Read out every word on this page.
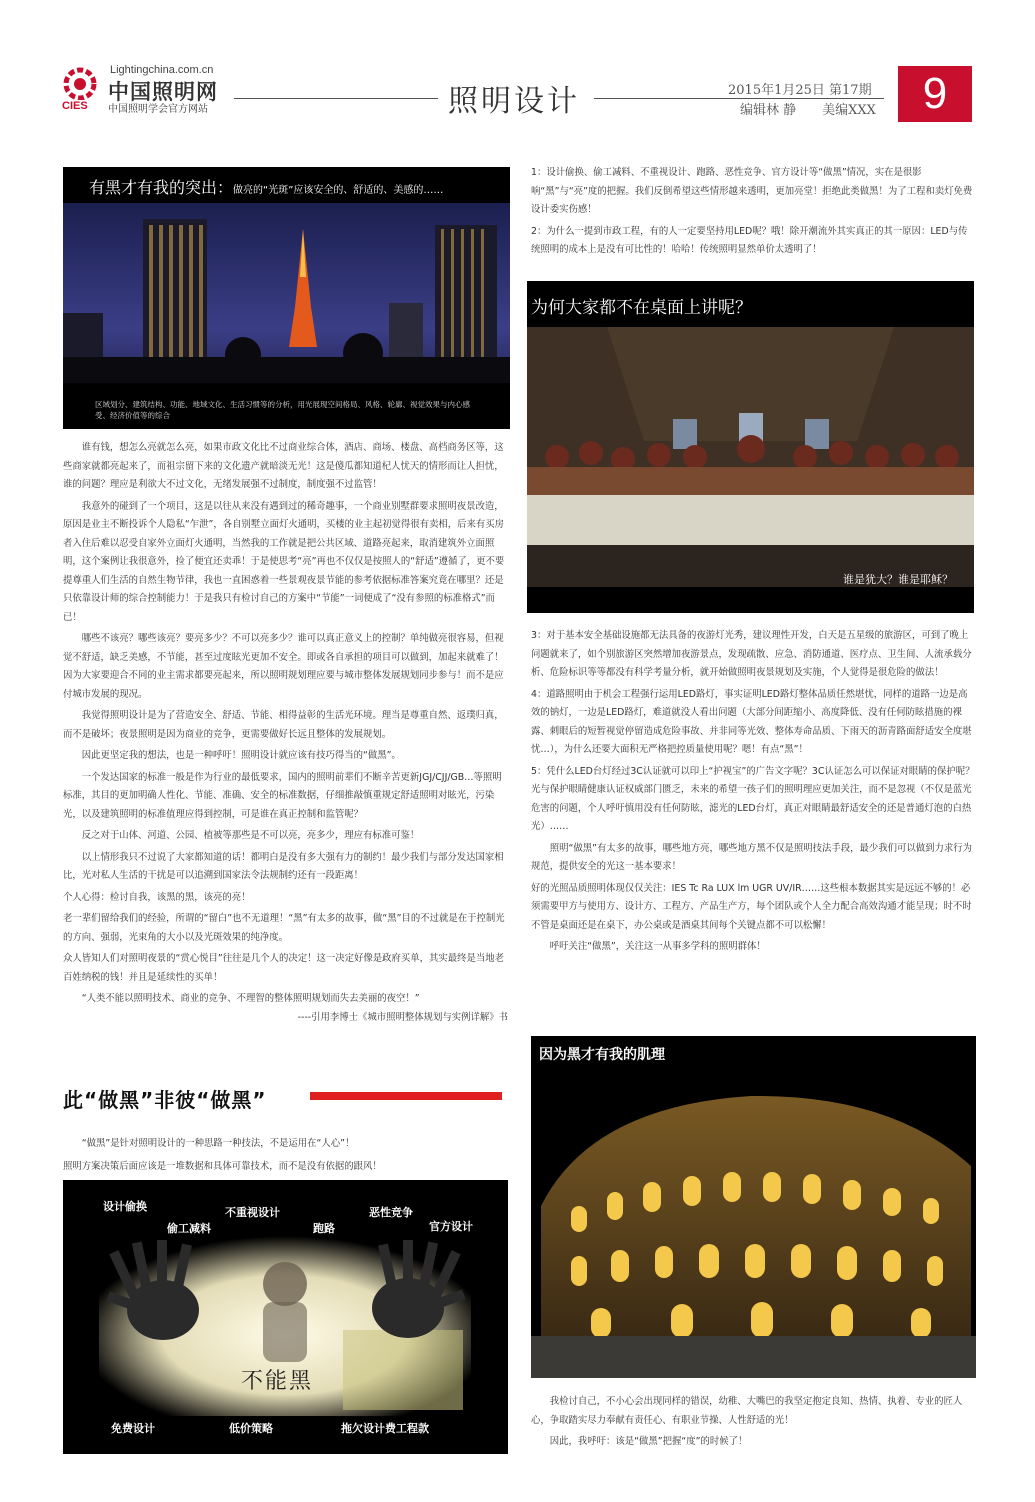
Lightingchina.com.cn
中国照明网
CIES 中国照明学会官方网站	照明设计	2015年1月25日 第17期
编辑林 静　　美编XXX	9
有黑才有我的突出：做亮的“光斑”应该安全的、舒适的、美感的……
区域划分、建筑结构、功能、地域文化、生活习惯等的分析，用光展现空间格局、风格、轮廓、视觉效果与内心感受、经济价值等的综合

谁有钱，想怎么亮就怎么亮，如果市政文化比不过商业综合体，酒店、商场、楼盘、高档商务区等，这些商家就都亮起来了，而祖宗留下来的文化遗产就暗淡无光！这是傻瓜都知道杞人忧天的情形而让人担忧，谁的问题？理应是利欲大不过文化，无绪发展强不过制度，制度强不过监管！

我意外的碰到了一个项目，这是以往从来没有遇到过的稀奇趣事，一个商业别墅群要求照明夜景改造，原因是业主不断投诉个人隐私“乍泄”，各自别墅立面灯火通明，买楼的业主起初觉得很有卖相，后来有买房者入住后难以忍受自家外立面灯火通明，当然我的工作就是把公共区域、道路亮起来，取消建筑外立面照明，这个案例让我很意外，捡了便宜还卖乖！于是使思考“亮”再也不仅仅是按照人的“舒适”遵循了，更不要提尊重人们生活的自然生物节律，我也一直困惑着一些景观夜景节能的参考依据标准答案究竟在哪里？还是只依靠设计师的综合控制能力！于是我只有检讨自己的方案中“节能”一词便成了“没有参照的标准格式”而已！

哪些不该亮？哪些该亮？要亮多少？不可以亮多少？谁可以真正意义上的控制？单纯做亮很容易，但视觉不舒适，缺乏美感，不节能，甚至过度眩光更加不安全。即或各自承担的项目可以做到，加起来就难了！因为大家要迎合不同的业主需求都要亮起来，所以照明规划理应要与城市整体发展规划同步参与！而不是应付城市发展的现况。

我觉得照明设计是为了营造安全、舒适、节能、相得益彰的生活光环境。理当是尊重自然、返璞归真，而不是破坏；夜景照明是因为商业的竞争，更需要做好长远且整体的发展规划。

因此更坚定我的想法，也是一种呼吁！照明设计就应该有技巧得当的“做黑”。

一个发达国家的标准一般是作为行业的最低要求，国内的照明前辈们不断辛苦更新JGJ/CJJ/GB…等照明标准，其目的更加明确人性化、节能、准确、安全的标准数据，仔细推敲慎重规定舒适照明对眩光，污染光，以及建筑照明的标准值理应得到控制，可是谁在真正控制和监管呢？

反之对于山体、河道、公园、植被等那些是不可以亮，亮多少，理应有标准可鉴！

以上情形我只不过说了大家都知道的话！都明白是没有多大强有力的制约！最少我们与部分发达国家相比，光对私人生活的干扰是可以追溯到国家法令法规制约还有一段距离！

个人心得：检讨自我，该黑的黑，该亮的亮！

老一辈们留给我们的经验，所谓的“留白”也不无道理！“黑”有太多的故事，做“黑”目的不过就是在于控制光的方向、强弱，光束角的大小以及光斑效果的纯净度。

众人皆知人们对照明夜景的“赏心悦目”往往是几个人的决定！这一决定好像是政府买单，其实最终是当地老百姓纳税的钱！并且是延续性的买单！

“人类不能以照明技术、商业的竞争、不理智的整体照明规划而失去美丽的夜空！”

----引用李博士《城市照明整体规划与实例详解》书

此“做黑”非彼“做黑”

“做黑”是针对照明设计的一种思路一种技法，不是运用在“人心”！

照明方案决策后面应该是一堆数据和具体可靠技术，而不是没有依据的跟风！

设计偷换
偷工减料
不重视设计
跑路
恶性竞争
官方设计
不能黑
免费设计	低价策略	拖欠设计费工程款

1：设计偷换、偷工减料、不重视设计、跑路、恶性竞争、官方设计等“做黑”情况，实在是很影响“黑”与“亮”度的把握。我们反倒希望这些情形越来透明，更加亮堂！拒绝此类做黑！为了工程和卖灯免费设计委实伤感！

2：为什么一提到市政工程，有的人一定要坚持用LED呢？哦！除开潮流外其实真正的其一原因：LED与传统照明的成本上是没有可比性的！哈哈！传统照明显然单价太透明了！

为何大家都不在桌面上讲呢？
谁是犹大？谁是耶稣？

3：对于基本安全基础设施都无法具备的夜游灯光秀，建议理性开发，白天是五星级的旅游区，可到了晚上问题就来了，如个别旅游区突然增加夜游景点，发现疏散、应急、消防通道、医疗点、卫生间、人流承载分析、危险标识等等都没有科学考量分析，就开始做照明夜景规划及实施，个人觉得是很危险的做法！

4：道路照明由于机会工程强行运用LED路灯，事实证明LED路灯整体品质任然堪忧，同样的道路一边是高效的钠灯，一边是LED路灯，难道就没人看出问题（大部分间距缩小、高度降低、没有任何防眩措施的裸露、刺眼后的短暂视觉停留造成危险事故、并非同等光效、整体寿命品质、下雨天的沥青路面舒适安全度堪忧…），为什么还要大面积无严格把控质量使用呢？嗯！有点“黑”！

5：凭什么LED台灯经过3C认证就可以印上“护视宝”的广告文字呢？3C认证怎么可以保证对眼睛的保护呢？光与保护眼睛健康认证权威部门匮乏，未来的希望一孩子们的照明理应更加关注，而不是忽视（不仅是蓝光危害的问题，个人呼吁慎用没有任何防眩，滤光的LED台灯，真正对眼睛最舒适安全的还是普通灯泡的白热光）……

照明“做黑”有太多的故事，哪些地方亮，哪些地方黑不仅是照明技法手段，最少我们可以做到力求行为规范，提供安全的光这一基本要求！

好的光照品质照明体现仅仅关注：IES Tc Ra LUX lm UGR UV/IR……这些根本数据其实是远远不够的！必须需要甲方与使用方、设计方、工程方、产品生产方，每个团队或个人全力配合高效沟通才能呈现；时不时不管是桌面还是在桌下，办公桌或是酒桌其间每个关键点都不可以松懈！

呼吁关注“做黑”，关注这一从事多学科的照明群体！

因为黑才有我的肌理

我检讨自己，不小心会出现同样的错误，幼稚、大嘴巴的我坚定抱定良知、热情、执着、专业的匠人心，争取踏实尽力奉献有责任心、有职业节操、人性舒适的光！

因此，我呼吁：该是“做黑”把握“度”的时候了！
